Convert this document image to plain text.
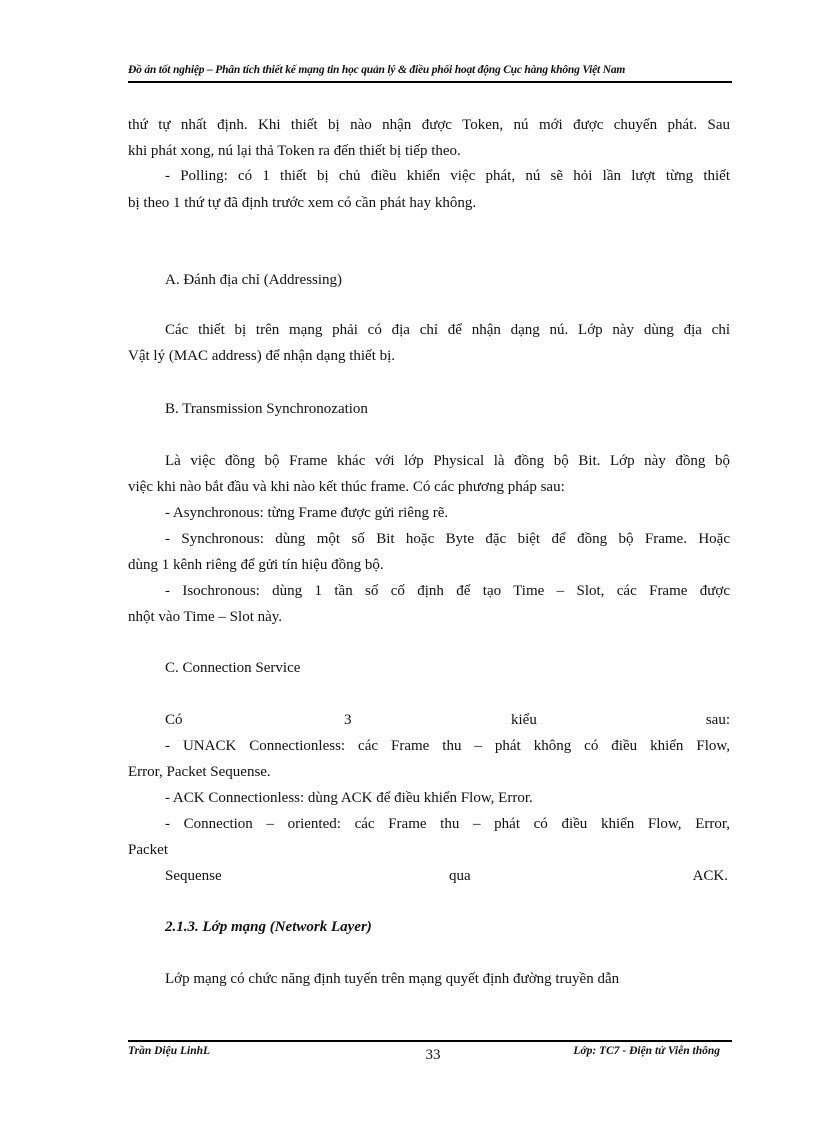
Đồ án tốt nghiệp – Phân tích thiết kế mạng tin học quản lý & điều phối hoạt động Cục hàng không Việt Nam
thứ tự nhất định. Khi thiết bị nào nhận được Token, nú mới được chuyển phát. Sau
khi phát xong, nú lại thả Token ra đến thiết bị tiếp theo.
- Polling: có 1 thiết bị chủ điều khiển việc phát, nú sẽ hỏi lần lượt từng thiết
bị theo 1 thứ tự đã định trước xem có cần phát hay không.
A. Đánh địa chỉ (Addressing)
Các thiết bị trên mạng phải có địa chỉ để nhận dạng nú. Lớp này dùng địa chỉ
Vật lý (MAC address) để nhận dạng thiết bị.
B. Transmission Synchronozation
Là việc đồng bộ Frame khác với lớp Physical là đồng bộ Bit. Lớp này đồng bộ
việc khi nào bắt đầu và khi nào kết thúc frame. Có các phương pháp sau:
- Asynchronous: từng Frame được gửi riêng rẽ.
- Synchronous: dùng một số Bit hoặc Byte đặc biệt để đồng bộ Frame. Hoặc
dùng 1 kênh riêng để gửi tín hiệu đồng bộ.
- Isochronous: dùng 1 tần số cố định để tạo Time – Slot, các Frame được
nhột vào Time – Slot này.
C. Connection Service
Có	3	kiểu	sau:
- UNACK Connectionless: các Frame thu – phát không có điều khiển Flow,
Error, Packet Sequense.
- ACK Connectionless: dùng ACK để điều khiển Flow, Error.
- Connection – oriented: các Frame thu – phát có điều khiển Flow, Error,
Packet
Sequense	qua	ACK.
2.1.3. Lớp mạng (Network Layer)
Lớp mạng có chức năng định tuyến trên mạng quyết định đường truyền dẫn
Trần Diệu LinhL	33	Lớp: TC7 - Điện tử Viễn thông
